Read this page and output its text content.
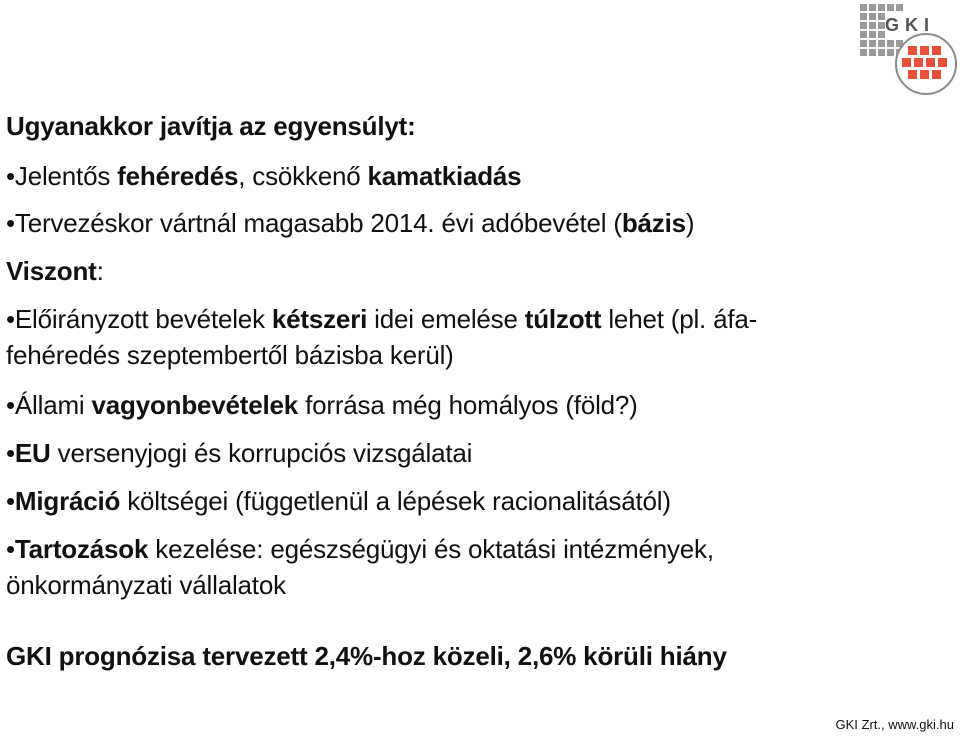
GKI
Ugyanakkor javítja az egyensúlyt:
•Jelentős fehéredés, csökkenő kamatkiadás
•Tervezéskor vártnál magasabb 2014. évi adóbevétel (bázis)
Viszont:
•Előirányzott bevételek kétszeri idei emelése túlzott lehet (pl. áfa-
fehéredés szeptembertől bázisba kerül)
•Állami vagyonbevételek forrása még homályos (föld?)
•EU versenyjogi és korrupciós vizsgálatai
•Migráció költségei (függetlenül a lépések racionalitásától)
•Tartozások kezelése: egészségügyi és oktatási intézmények,
önkormányzati vállalatok
GKI prognózisa tervezett 2,4%-hoz közeli, 2,6% körüli hiány
GKI Zrt., www.gki.hu
